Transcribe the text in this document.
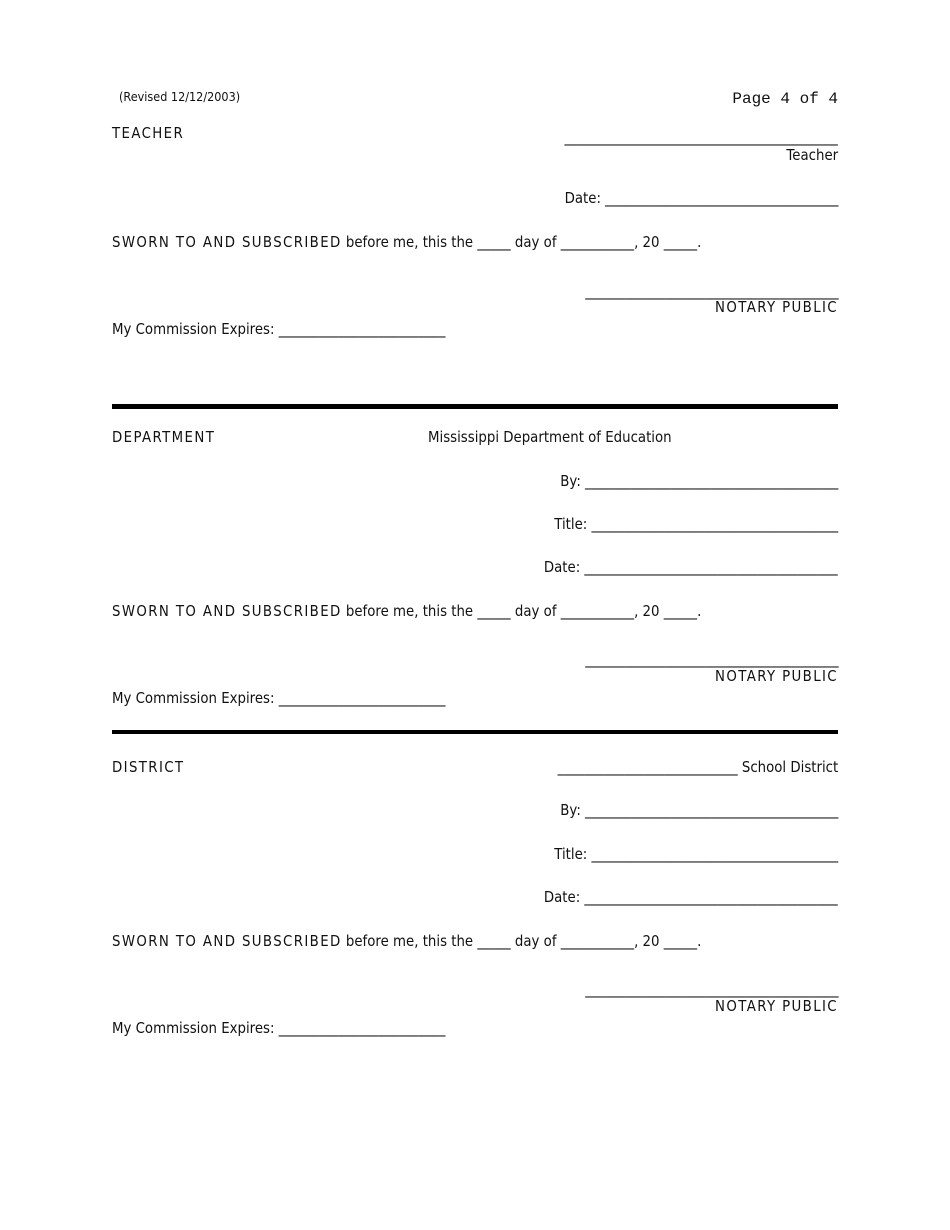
(Revised 12/12/2003)	Page 4 of 4
TEACHER	_________________________________________
Teacher
Date: ___________________________________
SWORN TO AND SUBSCRIBED before me, this the _____ day of ___________, 20 _____.
______________________________________
NOTARY PUBLIC
My Commission Expires: _________________________
DEPARTMENT	Mississippi Department of Education
By: ______________________________________
Title: _____________________________________
Date: ______________________________________
SWORN TO AND SUBSCRIBED before me, this the _____ day of ___________, 20 _____.
______________________________________
NOTARY PUBLIC
My Commission Expires: _________________________
DISTRICT	___________________________ School District
By: ______________________________________
Title: _____________________________________
Date: ______________________________________
SWORN TO AND SUBSCRIBED before me, this the _____ day of ___________, 20 _____.
______________________________________
NOTARY PUBLIC
My Commission Expires: _________________________
